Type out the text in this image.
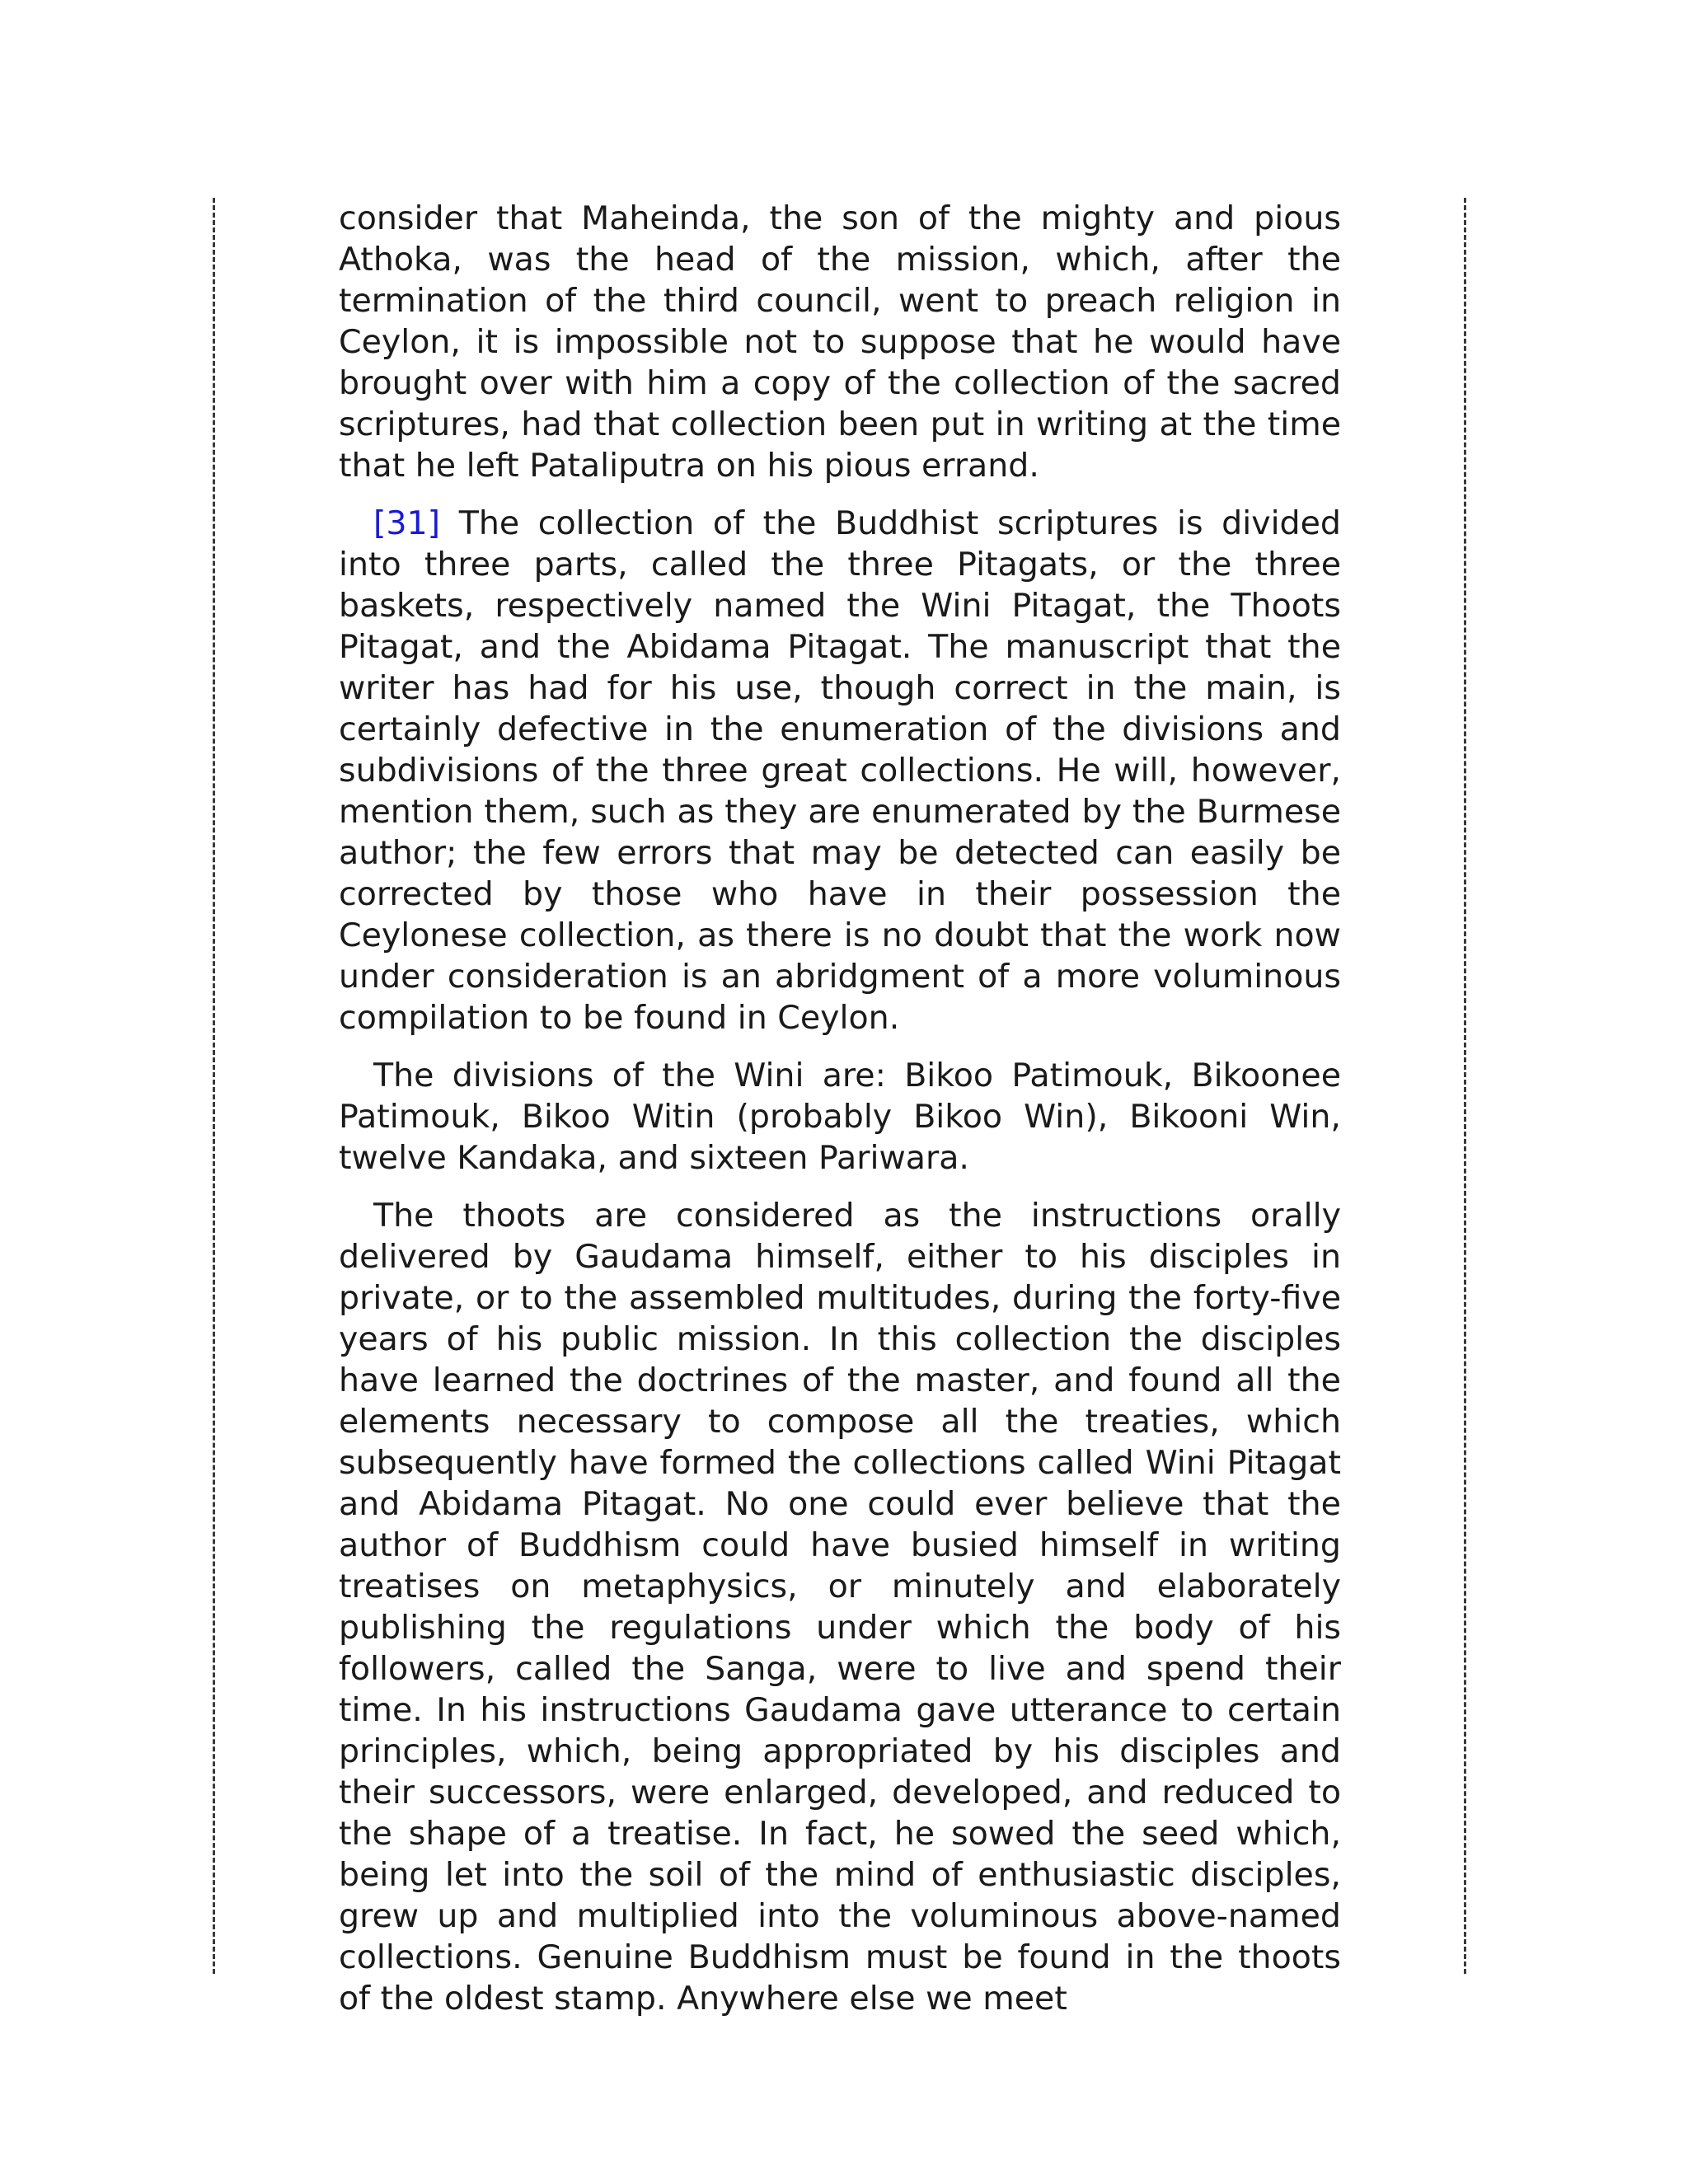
consider that Maheinda, the son of the mighty and pious Athoka, was the head of the mission, which, after the termination of the third council, went to preach religion in Ceylon, it is impossible not to suppose that he would have brought over with him a copy of the collection of the sacred scriptures, had that collection been put in writing at the time that he left Pataliputra on his pious errand.

[31] The collection of the Buddhist scriptures is divided into three parts, called the three Pitagats, or the three baskets, respectively named the Wini Pitagat, the Thoots Pitagat, and the Abidama Pitagat. The manuscript that the writer has had for his use, though correct in the main, is certainly defective in the enumeration of the divisions and subdivisions of the three great collections. He will, however, mention them, such as they are enumerated by the Burmese author; the few errors that may be detected can easily be corrected by those who have in their possession the Ceylonese collection, as there is no doubt that the work now under consideration is an abridgment of a more voluminous compilation to be found in Ceylon.

The divisions of the Wini are: Bikoo Patimouk, Bikoonee Patimouk, Bikoo Witin (probably Bikoo Win), Bikooni Win, twelve Kandaka, and sixteen Pariwara.

The thoots are considered as the instructions orally delivered by Gaudama himself, either to his disciples in private, or to the assembled multitudes, during the forty-five years of his public mission. In this collection the disciples have learned the doctrines of the master, and found all the elements necessary to compose all the treaties, which subsequently have formed the collections called Wini Pitagat and Abidama Pitagat. No one could ever believe that the author of Buddhism could have busied himself in writing treatises on metaphysics, or minutely and elaborately publishing the regulations under which the body of his followers, called the Sanga, were to live and spend their time. In his instructions Gaudama gave utterance to certain principles, which, being appropriated by his disciples and their successors, were enlarged, developed, and reduced to the shape of a treatise. In fact, he sowed the seed which, being let into the soil of the mind of enthusiastic disciples, grew up and multiplied into the voluminous above-named collections. Genuine Buddhism must be found in the thoots of the oldest stamp. Anywhere else we meet
